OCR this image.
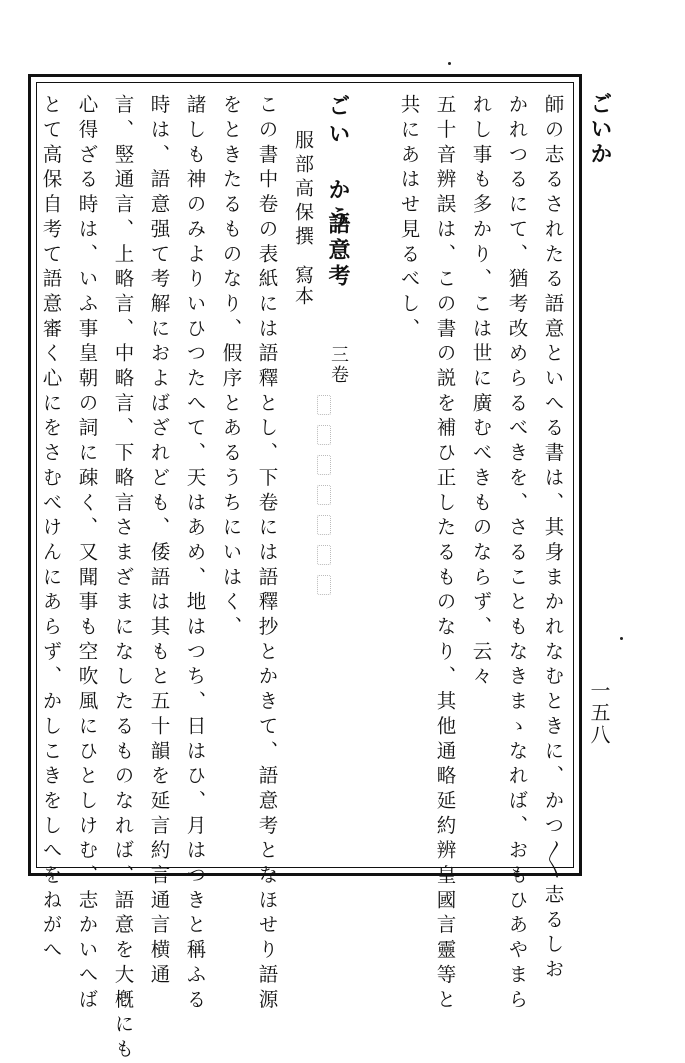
ごいか
一五八
師の志るされたる語意といへる書は、其身まかれなむときに、かつ〳〵志るしお
かれつるにて、猶考改めらるべきを、さることもなきまゝなれば、おもひあやまら
れし事も多かり、こは世に廣むべきものならず、云々
五十音辨誤は、この書の説を補ひ正したるものなり、其他通略延約辨皇國言靈等と
共にあはせ見るべし、
ごい　かう
語意考
三卷
服部高保撰
寫本
この書中卷の表紙には語釋とし、下卷には語釋抄とかきて、語意考となほせり語源
をときたるものなり、假序とあるうちにいはく、
諸しも神のみよりいひつたへて、天はあめ、地はつち、日はひ、月はつきと稱ふる
時は、語意强て考解におよばざれども、倭語は其もと五十韻を延言約言通言横通
言、竪通言、上略言、中略言、下略言さまざまになしたるものなれば、語意を大槪にも
心得ざる時は、いふ事皇朝の詞に疎く、又聞事も空吹風にひとしけむ、志かいへば
とて高保自考て語意審く心にをさむべけんにあらず、かしこきをしへをねがへ
